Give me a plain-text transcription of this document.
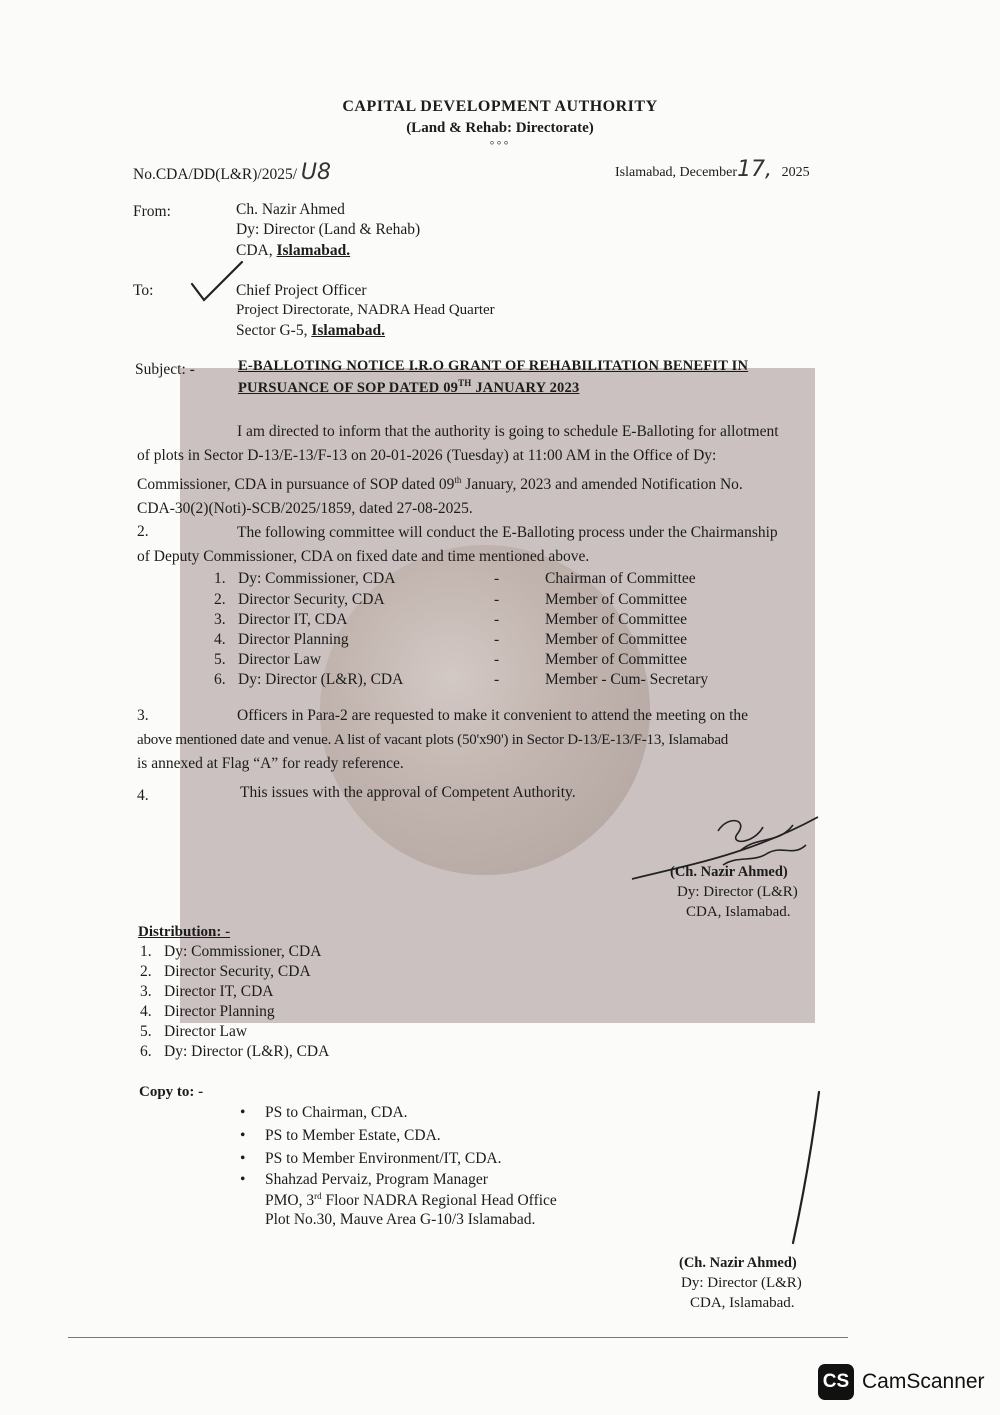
CAPITAL DEVELOPMENT AUTHORITY
(Land & Rehab: Directorate)
◦◦◦
No.CDA/DD(L&R)/2025/ U8	Islamabad, December17, 2025
From:	Ch. Nazir Ahmed
Dy: Director (Land & Rehab)
CDA, Islamabad.
To:	Chief Project Officer
Project Directorate, NADRA Head Quarter
Sector G-5, Islamabad.
Subject: -	E-BALLOTING NOTICE I.R.O GRANT OF REHABILITATION BENEFIT IN
PURSUANCE OF SOP DATED 09TH JANUARY 2023
I am directed to inform that the authority is going to schedule E-Balloting for allotment
of plots in Sector D-13/E-13/F-13 on 20-01-2026 (Tuesday) at 11:00 AM in the Office of Dy:
Commissioner, CDA in pursuance of SOP dated 09th January, 2023 and amended Notification No.
CDA-30(2)(Noti)-SCB/2025/1859, dated 27-08-2025.
2.	The following committee will conduct the E-Balloting process under the Chairmanship
of Deputy Commissioner, CDA on fixed date and time mentioned above.
1. Dy: Commissioner, CDA	-	Chairman of Committee
2. Director Security, CDA	-	Member of Committee
3. Director IT, CDA	-	Member of Committee
4. Director Planning	-	Member of Committee
5. Director Law	-	Member of Committee
6. Dy: Director (L&R), CDA	-	Member - Cum- Secretary
3.	Officers in Para-2 are requested to make it convenient to attend the meeting on the
above mentioned date and venue. A list of vacant plots (50'x90') in Sector D-13/E-13/F-13, Islamabad
is annexed at Flag “A” for ready reference.
4.	This issues with the approval of Competent Authority.
(Ch. Nazir Ahmed)
Dy: Director (L&R)
CDA, Islamabad.
Distribution: -
1. Dy: Commissioner, CDA
2. Director Security, CDA
3. Director IT, CDA
4. Director Planning
5. Director Law
6. Dy: Director (L&R), CDA
Copy to: -
• PS to Chairman, CDA.
• PS to Member Estate, CDA.
• PS to Member Environment/IT, CDA.
• Shahzad Pervaiz, Program Manager
PMO, 3rd Floor NADRA Regional Head Office
Plot No.30, Mauve Area G-10/3 Islamabad.
(Ch. Nazir Ahmed)
Dy: Director (L&R)
CDA, Islamabad.
CS CamScanner
